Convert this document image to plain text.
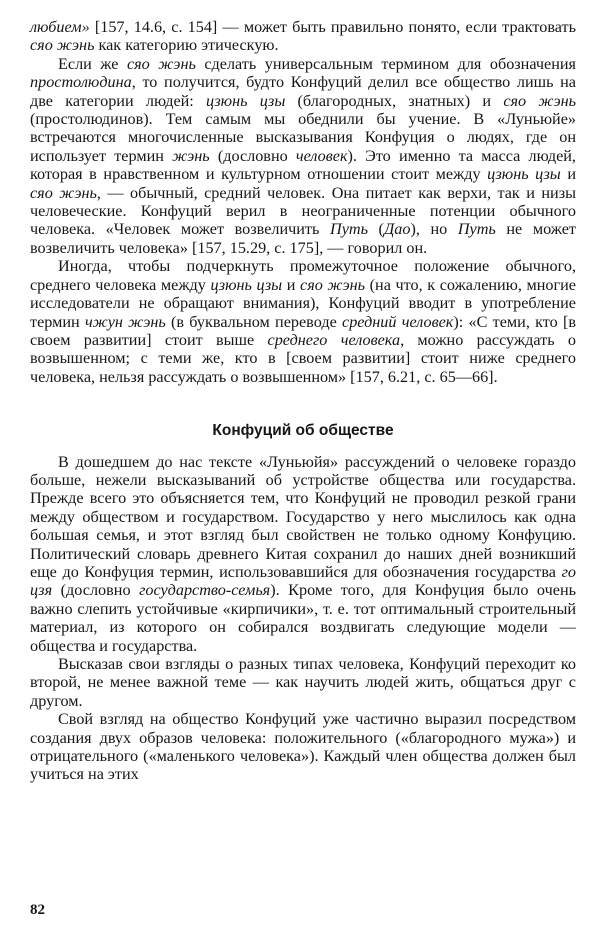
любием» [157, 14.6, с. 154] — может быть правильно понято, если трактовать сяо жэнь как категорию этическую.

Если же сяо жэнь сделать универсальным термином для обозначения простолюдина, то получится, будто Конфуций делил все общество лишь на две категории людей: цзюнь цзы (благородных, знатных) и сяо жэнь (простолюдинов). Тем самым мы обеднили бы учение. В «Луньюйе» встречаются многочисленные высказывания Конфуция о людях, где он использует термин жэнь (дословно человек). Это именно та масса людей, которая в нравственном и культурном отношении стоит между цзюнь цзы и сяо жэнь, — обычный, средний человек. Она питает как верхи, так и низы человеческие. Конфуций верил в неограниченные потенции обычного человека. «Человек может возвеличить Путь (Дао), но Путь не может возвеличить человека» [157, 15.29, с. 175], — говорил он.

Иногда, чтобы подчеркнуть промежуточное положение обычного, среднего человека между цзюнь цзы и сяо жэнь (на что, к сожалению, многие исследователи не обращают внимания), Конфуций вводит в употребление термин чжун жэнь (в буквальном переводе средний человек): «С теми, кто [в своем развитии] стоит выше среднего человека, можно рассуждать о возвышенном; с теми же, кто в [своем развитии] стоит ниже среднего человека, нельзя рассуждать о возвышенном» [157, 6.21, с. 65—66].

Конфуций об обществе

В дошедшем до нас тексте «Луньюйя» рассуждений о человеке гораздо больше, нежели высказываний об устройстве общества или государства. Прежде всего это объясняется тем, что Конфуций не проводил резкой грани между обществом и государством. Государство у него мыслилось как одна большая семья, и этот взгляд был свойствен не только одному Конфуцию. Политический словарь древнего Китая сохранил до наших дней возникший еще до Конфуция термин, использовавшийся для обозначения государства го цзя (дословно государство-семья). Кроме того, для Конфуция было очень важно слепить устойчивые «кирпичики», т. е. тот оптимальный строительный материал, из которого он собирался воздвигать следующие модели — общества и государства.

Высказав свои взгляды о разных типах человека, Конфуций переходит ко второй, не менее важной теме — как научить людей жить, общаться друг с другом.

Свой взгляд на общество Конфуций уже частично выразил посредством создания двух образов человека: положительного («благородного мужа») и отрицательного («маленького человека»). Каждый член общества должен был учиться на этих

82
